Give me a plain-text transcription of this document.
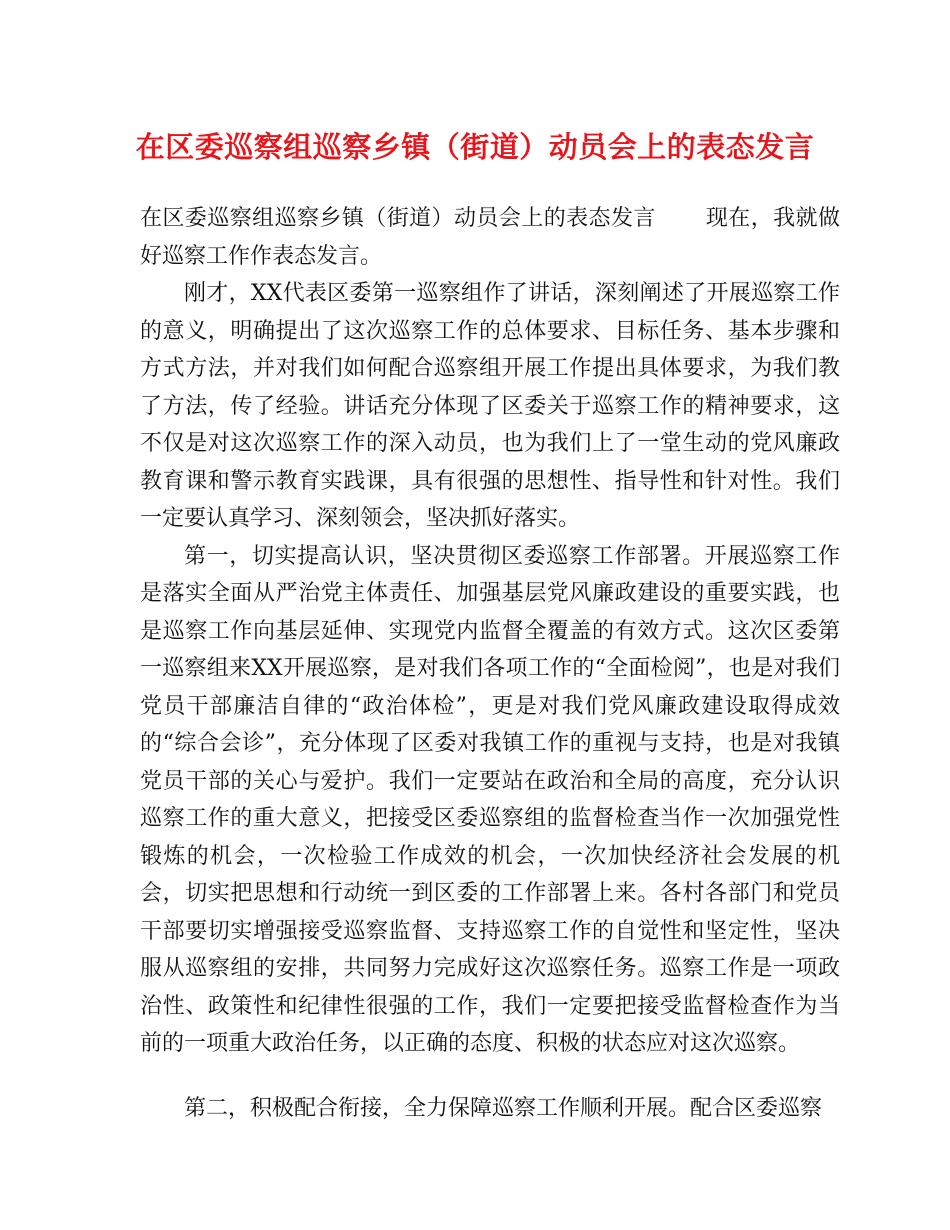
在区委巡察组巡察乡镇（街道）动员会上的表态发言

在区委巡察组巡察乡镇（街道）动员会上的表态发言 现在，我就做好巡察工作作表态发言。

刚才，XX代表区委第一巡察组作了讲话，深刻阐述了开展巡察工作的意义，明确提出了这次巡察工作的总体要求、目标任务、基本步骤和方式方法，并对我们如何配合巡察组开展工作提出具体要求，为我们教了方法，传了经验。讲话充分体现了区委关于巡察工作的精神要求，这不仅是对这次巡察工作的深入动员，也为我们上了一堂生动的党风廉政教育课和警示教育实践课，具有很强的思想性、指导性和针对性。我们一定要认真学习、深刻领会，坚决抓好落实。

第一，切实提高认识，坚决贯彻区委巡察工作部署。开展巡察工作是落实全面从严治党主体责任、加强基层党风廉政建设的重要实践，也是巡察工作向基层延伸、实现党内监督全覆盖的有效方式。这次区委第一巡察组来XX开展巡察，是对我们各项工作的“全面检阅”，也是对我们党员干部廉洁自律的“政治体检”，更是对我们党风廉政建设取得成效的“综合会诊”，充分体现了区委对我镇工作的重视与支持，也是对我镇党员干部的关心与爱护。我们一定要站在政治和全局的高度，充分认识巡察工作的重大意义，把接受区委巡察组的监督检查当作一次加强党性锻炼的机会，一次检验工作成效的机会，一次加快经济社会发展的机会，切实把思想和行动统一到区委的工作部署上来。各村各部门和党员干部要切实增强接受巡察监督、支持巡察工作的自觉性和坚定性，坚决服从巡察组的安排，共同努力完成好这次巡察任务。巡察工作是一项政治性、政策性和纪律性很强的工作，我们一定要把接受监督检查作为当前的一项重大政治任务，以正确的态度、积极的状态应对这次巡察。

第二，积极配合衔接，全力保障巡察工作顺利开展。配合区委巡察
